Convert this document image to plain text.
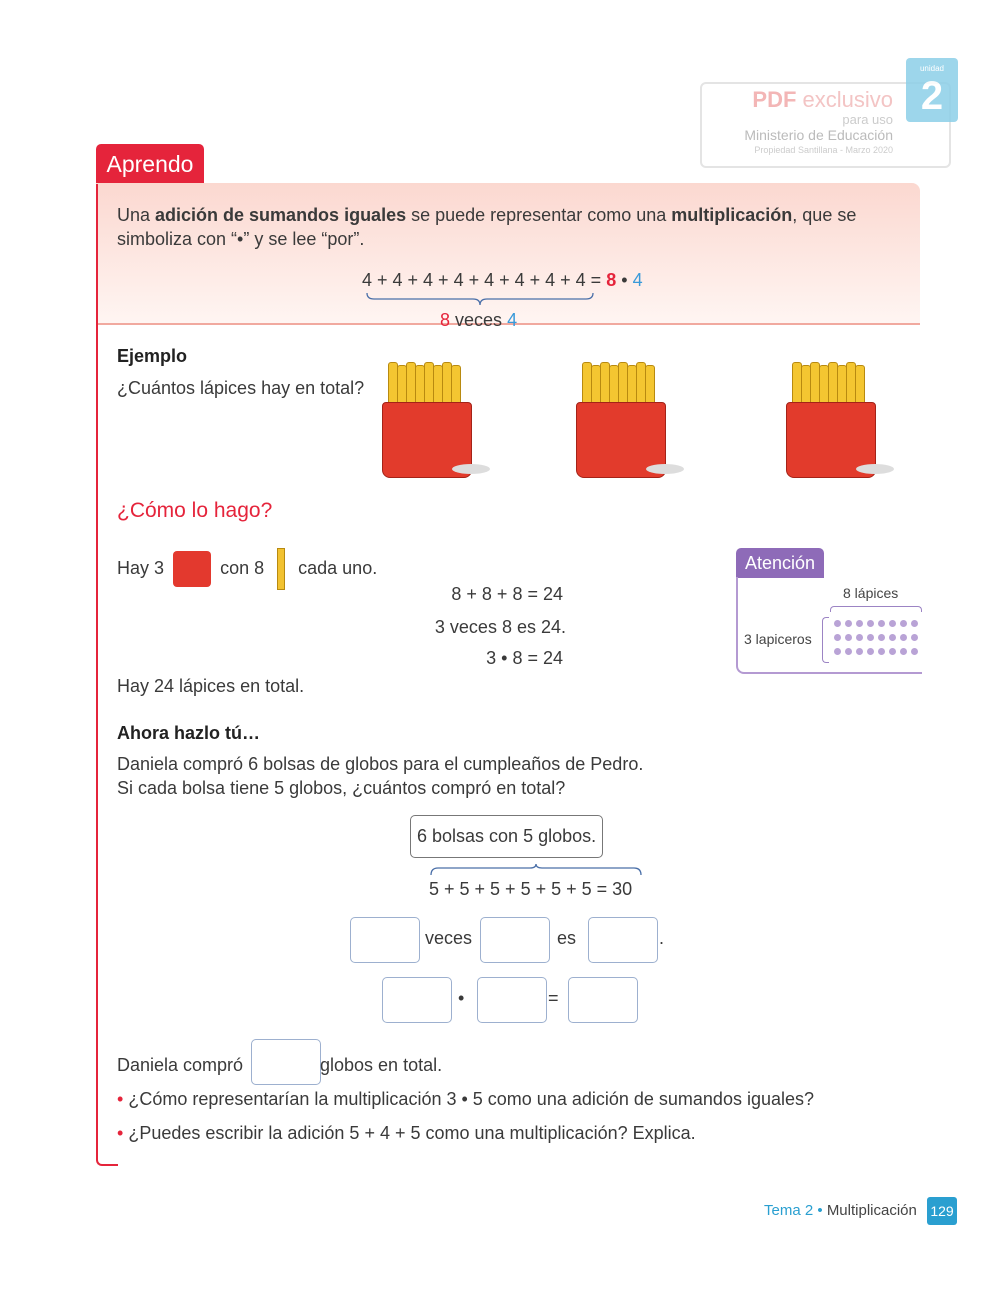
PDF exclusivo
para uso
Ministerio de Educación
Propiedad Santillana - Marzo 2020
unidad
2
Aprendo
Una adición de sumandos iguales se puede representar como una multiplicación, que se
simboliza con “•” y se lee “por”.
4 + 4 + 4 + 4 + 4 + 4 + 4 + 4 = 8 • 4
8 veces 4
Ejemplo
¿Cuántos lápices hay en total?
¿Cómo lo hago?
Hay 3	con 8 cada uno.
8 + 8 + 8 = 24
3 veces 8 es 24.
3 • 8 = 24
Hay 24 lápices en total.
Atención
8 lápices
3 lapiceros
Ahora hazlo tú…
Daniela compró 6 bolsas de globos para el cumpleaños de Pedro.
Si cada bolsa tiene 5 globos, ¿cuántos compró en total?
6 bolsas con 5 globos.
5 + 5 + 5 + 5 + 5 + 5 = 30
veces	es	.
•	=
Daniela compró	globos en total.
• ¿Cómo representarían la multiplicación 3 • 5 como una adición de sumandos iguales?
• ¿Puedes escribir la adición 5 + 4 + 5 como una multiplicación? Explica.
Tema 2 • Multiplicación 129
